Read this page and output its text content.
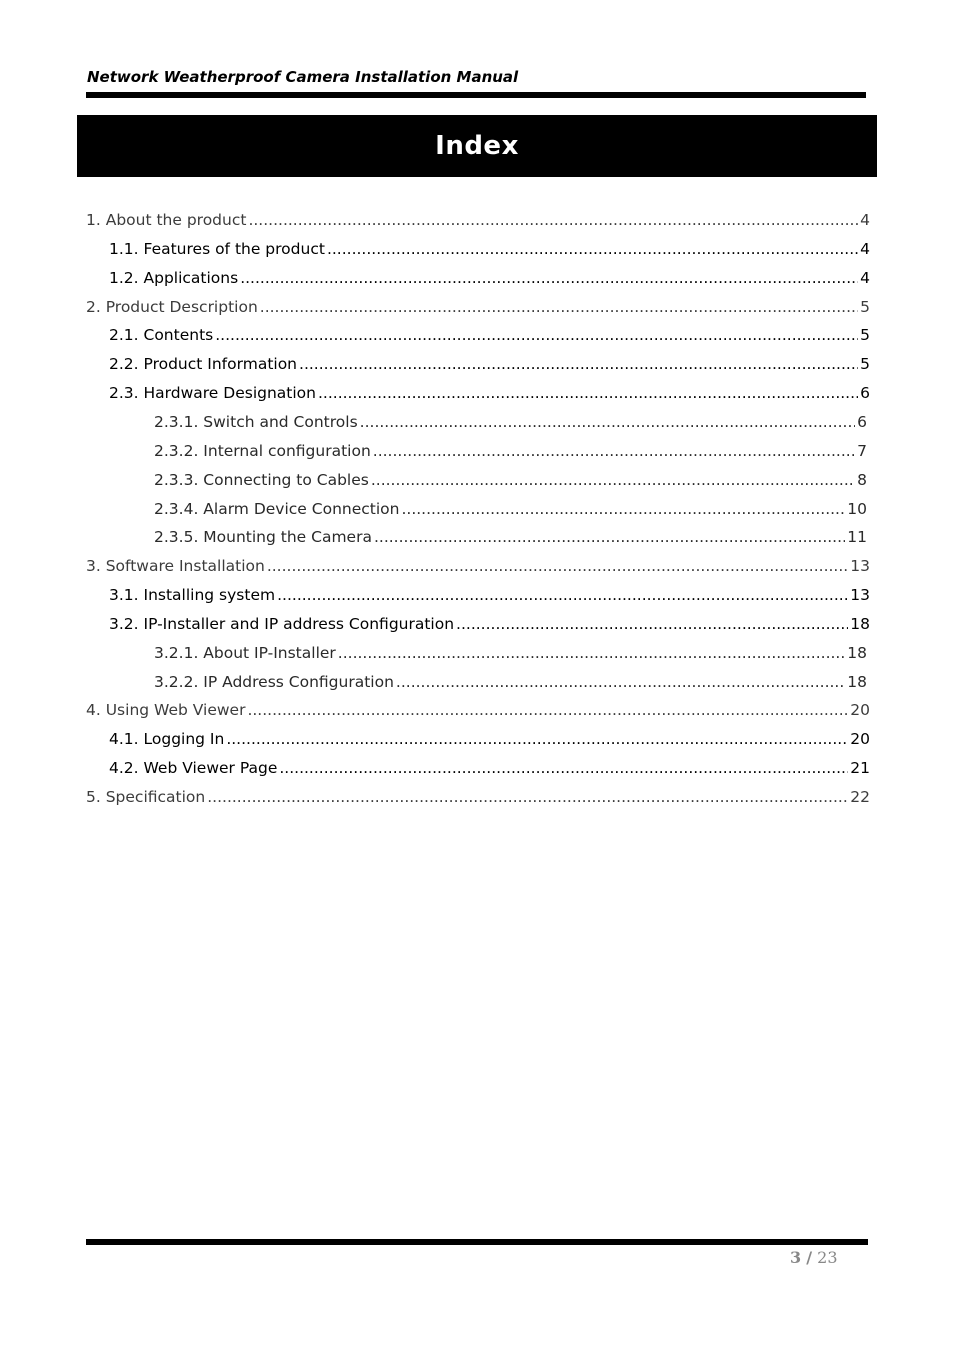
Network Weatherproof Camera Installation Manual
Index
1. About the product .....	4
1.1. Features of the product .....	4
1.2. Applications .....	4
2. Product Description .....	5
2.1. Contents .....	5
2.2. Product Information .....	5
2.3. Hardware Designation .....	6
2.3.1. Switch and Controls .....	6
2.3.2. Internal configuration .....	7
2.3.3. Connecting to Cables .....	8
2.3.4. Alarm Device Connection .....	10
2.3.5. Mounting the Camera .....	11
3. Software Installation .....	13
3.1. Installing system .....	13
3.2. IP-Installer and IP address Configuration .....	18
3.2.1. About IP-Installer .....	18
3.2.2. IP Address Configuration .....	18
4. Using Web Viewer .....	20
4.1. Logging In .....	20
4.2. Web Viewer Page .....	21
5. Specification .....	22
3 / 23
